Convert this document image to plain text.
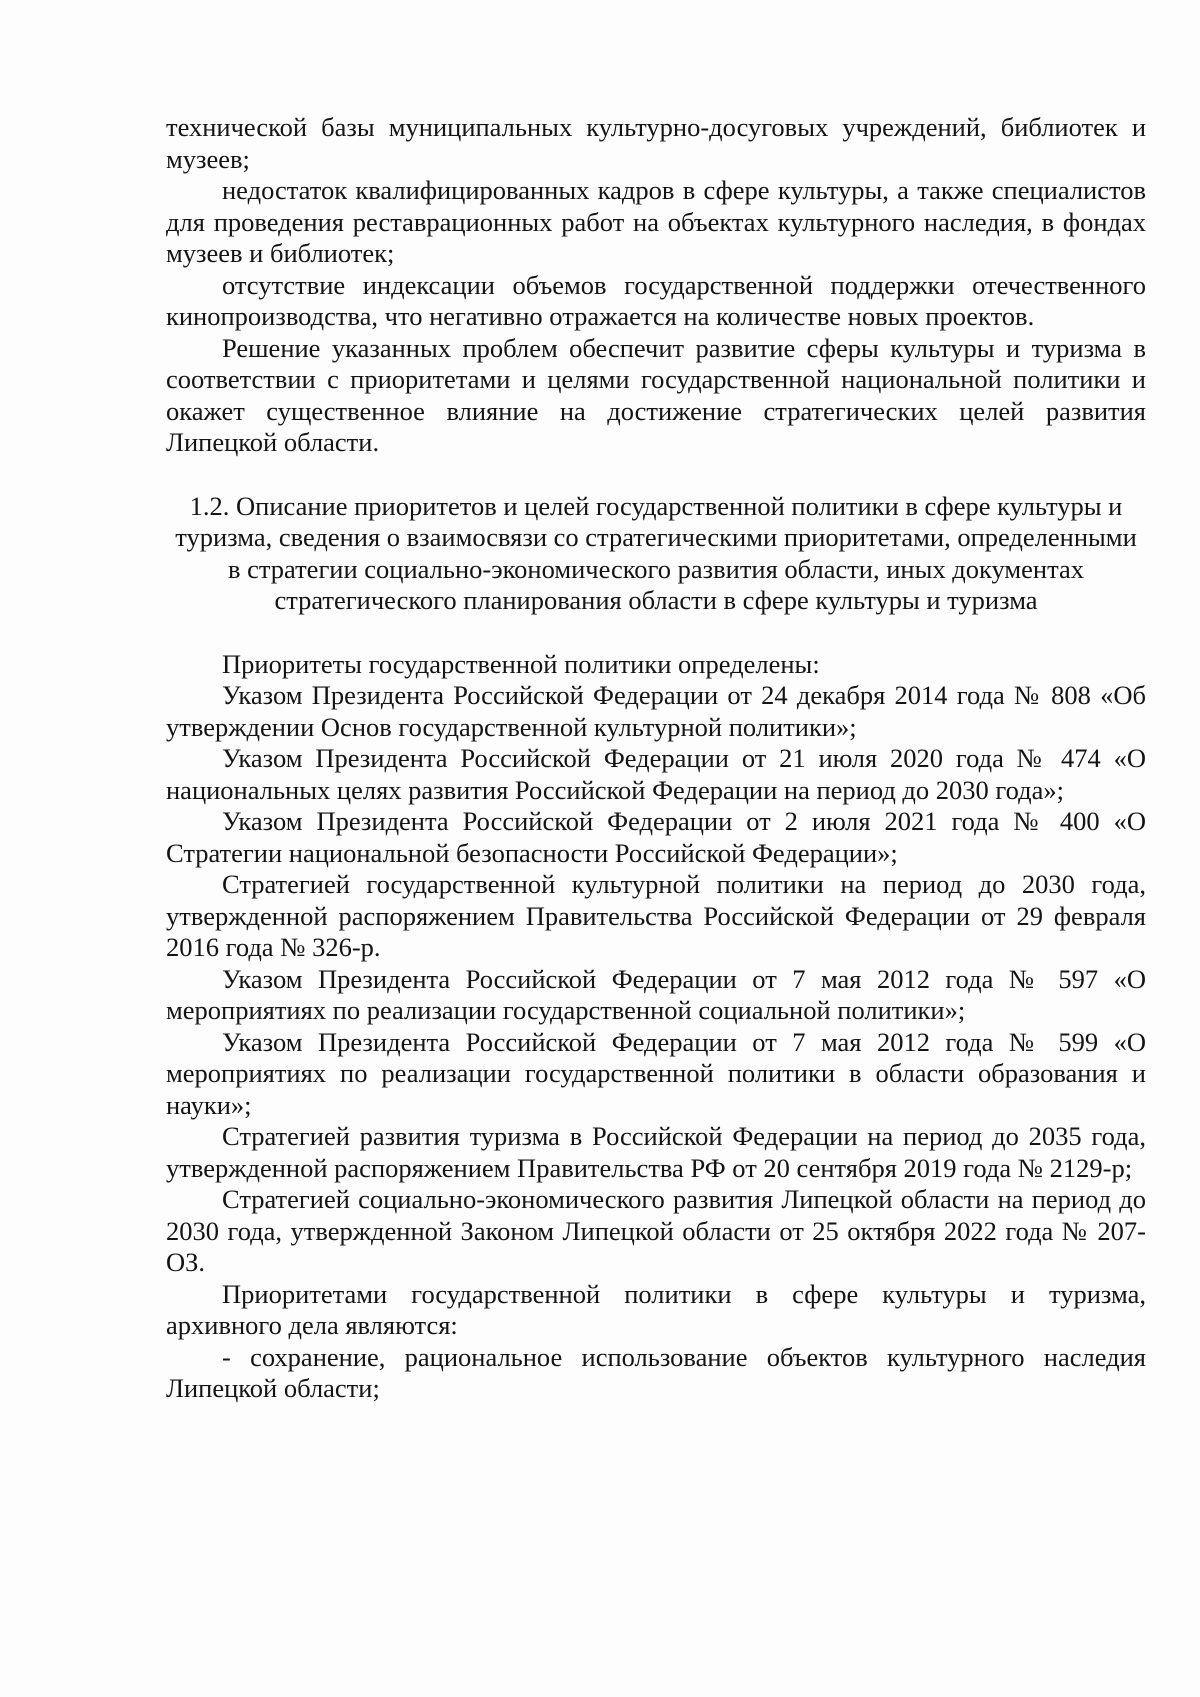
технической базы муниципальных культурно-досуговых учреждений, библиотек и музеев;

недостаток квалифицированных кадров в сфере культуры, а также специалистов для проведения реставрационных работ на объектах культурного наследия, в фондах музеев и библиотек;

отсутствие индексации объемов государственной поддержки отечественного кинопроизводства, что негативно отражается на количестве новых проектов.

Решение указанных проблем обеспечит развитие сферы культуры и туризма в соответствии с приоритетами и целями государственной национальной политики и окажет существенное влияние на достижение стратегических целей развития Липецкой области.

1.2. Описание приоритетов и целей государственной политики в сфере культуры и туризма, сведения о взаимосвязи со стратегическими приоритетами, определенными в стратегии социально-экономического развития области, иных документах стратегического планирования области в сфере культуры и туризма

Приоритеты государственной политики определены:

Указом Президента Российской Федерации от 24 декабря 2014 года № 808 «Об утверждении Основ государственной культурной политики»;

Указом Президента Российской Федерации от 21 июля 2020 года № 474 «О национальных целях развития Российской Федерации на период до 2030 года»;

Указом Президента Российской Федерации от 2 июля 2021 года № 400 «О Стратегии национальной безопасности Российской Федерации»;

Стратегией государственной культурной политики на период до 2030 года, утвержденной распоряжением Правительства Российской Федерации от 29 февраля 2016 года № 326-р.

Указом Президента Российской Федерации от 7 мая 2012 года № 597 «О мероприятиях по реализации государственной социальной политики»;

Указом Президента Российской Федерации от 7 мая 2012 года № 599 «О мероприятиях по реализации государственной политики в области образования и науки»;

Стратегией развития туризма в Российской Федерации на период до 2035 года, утвержденной распоряжением Правительства РФ от 20 сентября 2019 года № 2129-р;

Стратегией социально-экономического развития Липецкой области на период до 2030 года, утвержденной Законом Липецкой области от 25 октября 2022 года № 207-ОЗ.

Приоритетами государственной политики в сфере культуры и туризма, архивного дела являются:

- сохранение, рациональное использование объектов культурного наследия Липецкой области;
